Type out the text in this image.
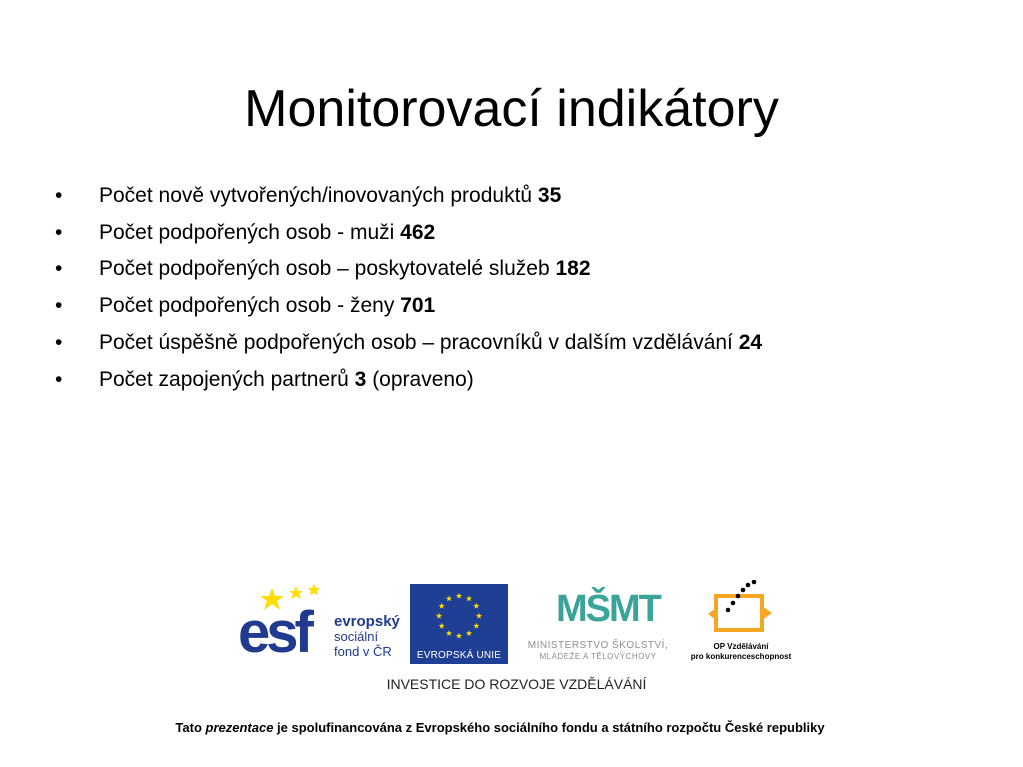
Monitorovací indikátory
• Počet nově vytvořených/inovovaných produktů 35
• Počet podpořených osob - muži 462
• Počet podpořených osob – poskytovatelé služeb 182
• Počet podpořených osob - ženy 701
• Počet úspěšně podpořených osob – pracovníků v dalším vzdělávání 24
• Počet zapojených partnerů 3 (opraveno)
esf evropský
sociální
fond v ČR	EVROPSKÁ UNIE
MŠMT
MINISTERSTVO ŠKOLSTVÍ,
MLÁDEŽE A TĚLOVÝCHOVY
OP Vzdělávání
pro konkurenceschopnost
INVESTICE DO ROZVOJE VZDĚLÁVÁNÍ
Tato prezentace je spolufinancována z Evropského sociálního fondu a státního rozpočtu České republiky
